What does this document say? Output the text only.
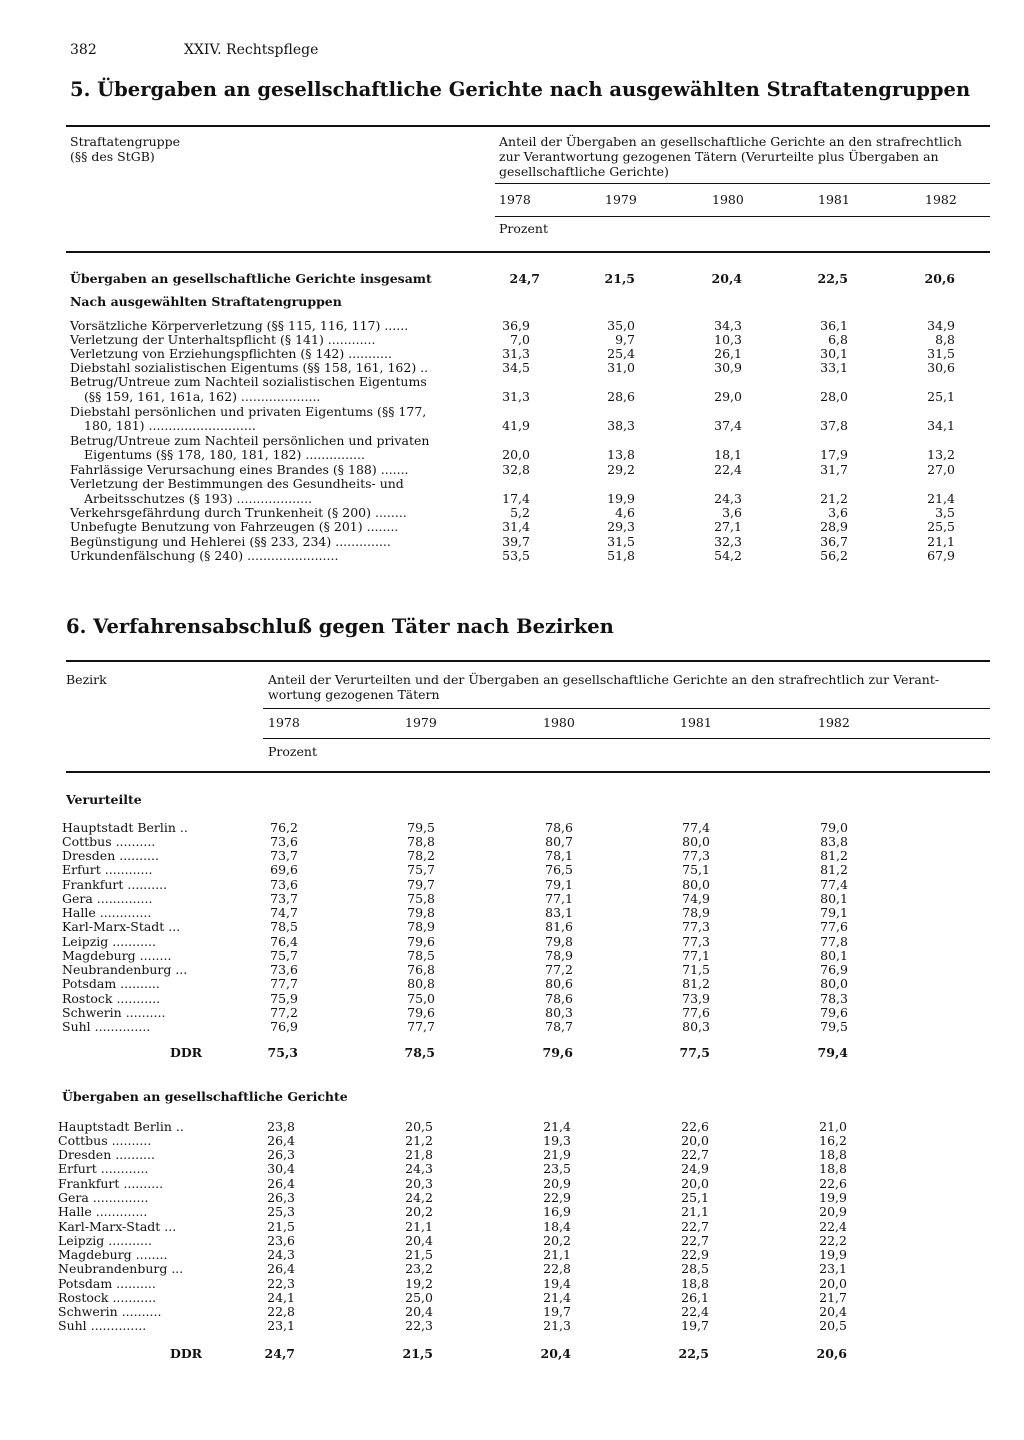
382	XXIV. Rechtspflege
5. Übergaben an gesellschaftliche Gerichte nach ausgewählten Straftatengruppen
Straftatengruppe
(§§ des StGB)
Anteil der Übergaben an gesellschaftliche Gerichte an den strafrechtlich
zur Verantwortung gezogenen Tätern (Verurteilte plus Übergaben an
gesellschaftliche Gerichte)
1978	1979	1980	1981	1982
Prozent
Übergaben an gesellschaftliche Gerichte insgesamt	24,7	21,5	20,4	22,5	20,6
Nach ausgewählten Straftatengruppen
Vorsätzliche Körperverletzung (§§ 115, 116, 117) ......	36,9	35,0	34,3	36,1	34,9
Verletzung der Unterhaltspflicht (§ 141) ............	7,0	9,7	10,3	6,8	8,8
Verletzung von Erziehungspflichten (§ 142) ...........	31,3	25,4	26,1	30,1	31,5
Diebstahl sozialistischen Eigentums (§§ 158, 161, 162) ..	34,5	31,0	30,9	33,1	30,6
Betrug/Untreue zum Nachteil sozialistischen Eigentums
(§§ 159, 161, 161a, 162) ....................	31,3	28,6	29,0	28,0	25,1
Diebstahl persönlichen und privaten Eigentums (§§ 177,
180, 181) ...........................	41,9	38,3	37,4	37,8	34,1
Betrug/Untreue zum Nachteil persönlichen und privaten
Eigentums (§§ 178, 180, 181, 182) ...............	20,0	13,8	18,1	17,9	13,2
Fahrlässige Verursachung eines Brandes (§ 188) .......	32,8	29,2	22,4	31,7	27,0
Verletzung der Bestimmungen des Gesundheits- und
Arbeitsschutzes (§ 193) ...................	17,4	19,9	24,3	21,2	21,4
Verkehrsgefährdung durch Trunkenheit (§ 200) ........	5,2	4,6	3,6	3,6	3,5
Unbefugte Benutzung von Fahrzeugen (§ 201) ........	31,4	29,3	27,1	28,9	25,5
Begünstigung und Hehlerei (§§ 233, 234) ..............	39,7	31,5	32,3	36,7	21,1
Urkundenfälschung (§ 240) .......................	53,5	51,8	54,2	56,2	67,9
6. Verfahrensabschluß gegen Täter nach Bezirken
Bezirk	Anteil der Verurteilten und der Übergaben an gesellschaftliche Gerichte an den strafrechtlich zur Verant-
wortung gezogenen Tätern
1978	1979	1980	1981	1982
Prozent
Verurteilte
Hauptstadt Berlin ..	76,2	79,5	78,6	77,4	79,0
Cottbus ..........	73,6	78,8	80,7	80,0	83,8
Dresden ..........	73,7	78,2	78,1	77,3	81,2
Erfurt ............	69,6	75,7	76,5	75,1	81,2
Frankfurt ..........	73,6	79,7	79,1	80,0	77,4
Gera ..............	73,7	75,8	77,1	74,9	80,1
Halle .............	74,7	79,8	83,1	78,9	79,1
Karl-Marx-Stadt ...	78,5	78,9	81,6	77,3	77,6
Leipzig ...........	76,4	79,6	79,8	77,3	77,8
Magdeburg ........	75,7	78,5	78,9	77,1	80,1
Neubrandenburg ...	73,6	76,8	77,2	71,5	76,9
Potsdam ..........	77,7	80,8	80,6	81,2	80,0
Rostock ...........	75,9	75,0	78,6	73,9	78,3
Schwerin ..........	77,2	79,6	80,3	77,6	79,6
Suhl ..............	76,9	77,7	78,7	80,3	79,5
DDR	75,3	78,5	79,6	77,5	79,4
Übergaben an gesellschaftliche Gerichte
Hauptstadt Berlin ..	23,8	20,5	21,4	22,6	21,0
Cottbus ..........	26,4	21,2	19,3	20,0	16,2
Dresden ..........	26,3	21,8	21,9	22,7	18,8
Erfurt ............	30,4	24,3	23,5	24,9	18,8
Frankfurt ..........	26,4	20,3	20,9	20,0	22,6
Gera ..............	26,3	24,2	22,9	25,1	19,9
Halle .............	25,3	20,2	16,9	21,1	20,9
Karl-Marx-Stadt ...	21,5	21,1	18,4	22,7	22,4
Leipzig ...........	23,6	20,4	20,2	22,7	22,2
Magdeburg ........	24,3	21,5	21,1	22,9	19,9
Neubrandenburg ...	26,4	23,2	22,8	28,5	23,1
Potsdam ..........	22,3	19,2	19,4	18,8	20,0
Rostock ...........	24,1	25,0	21,4	26,1	21,7
Schwerin ..........	22,8	20,4	19,7	22,4	20,4
Suhl ..............	23,1	22,3	21,3	19,7	20,5
DDR	24,7	21,5	20,4	22,5	20,6
